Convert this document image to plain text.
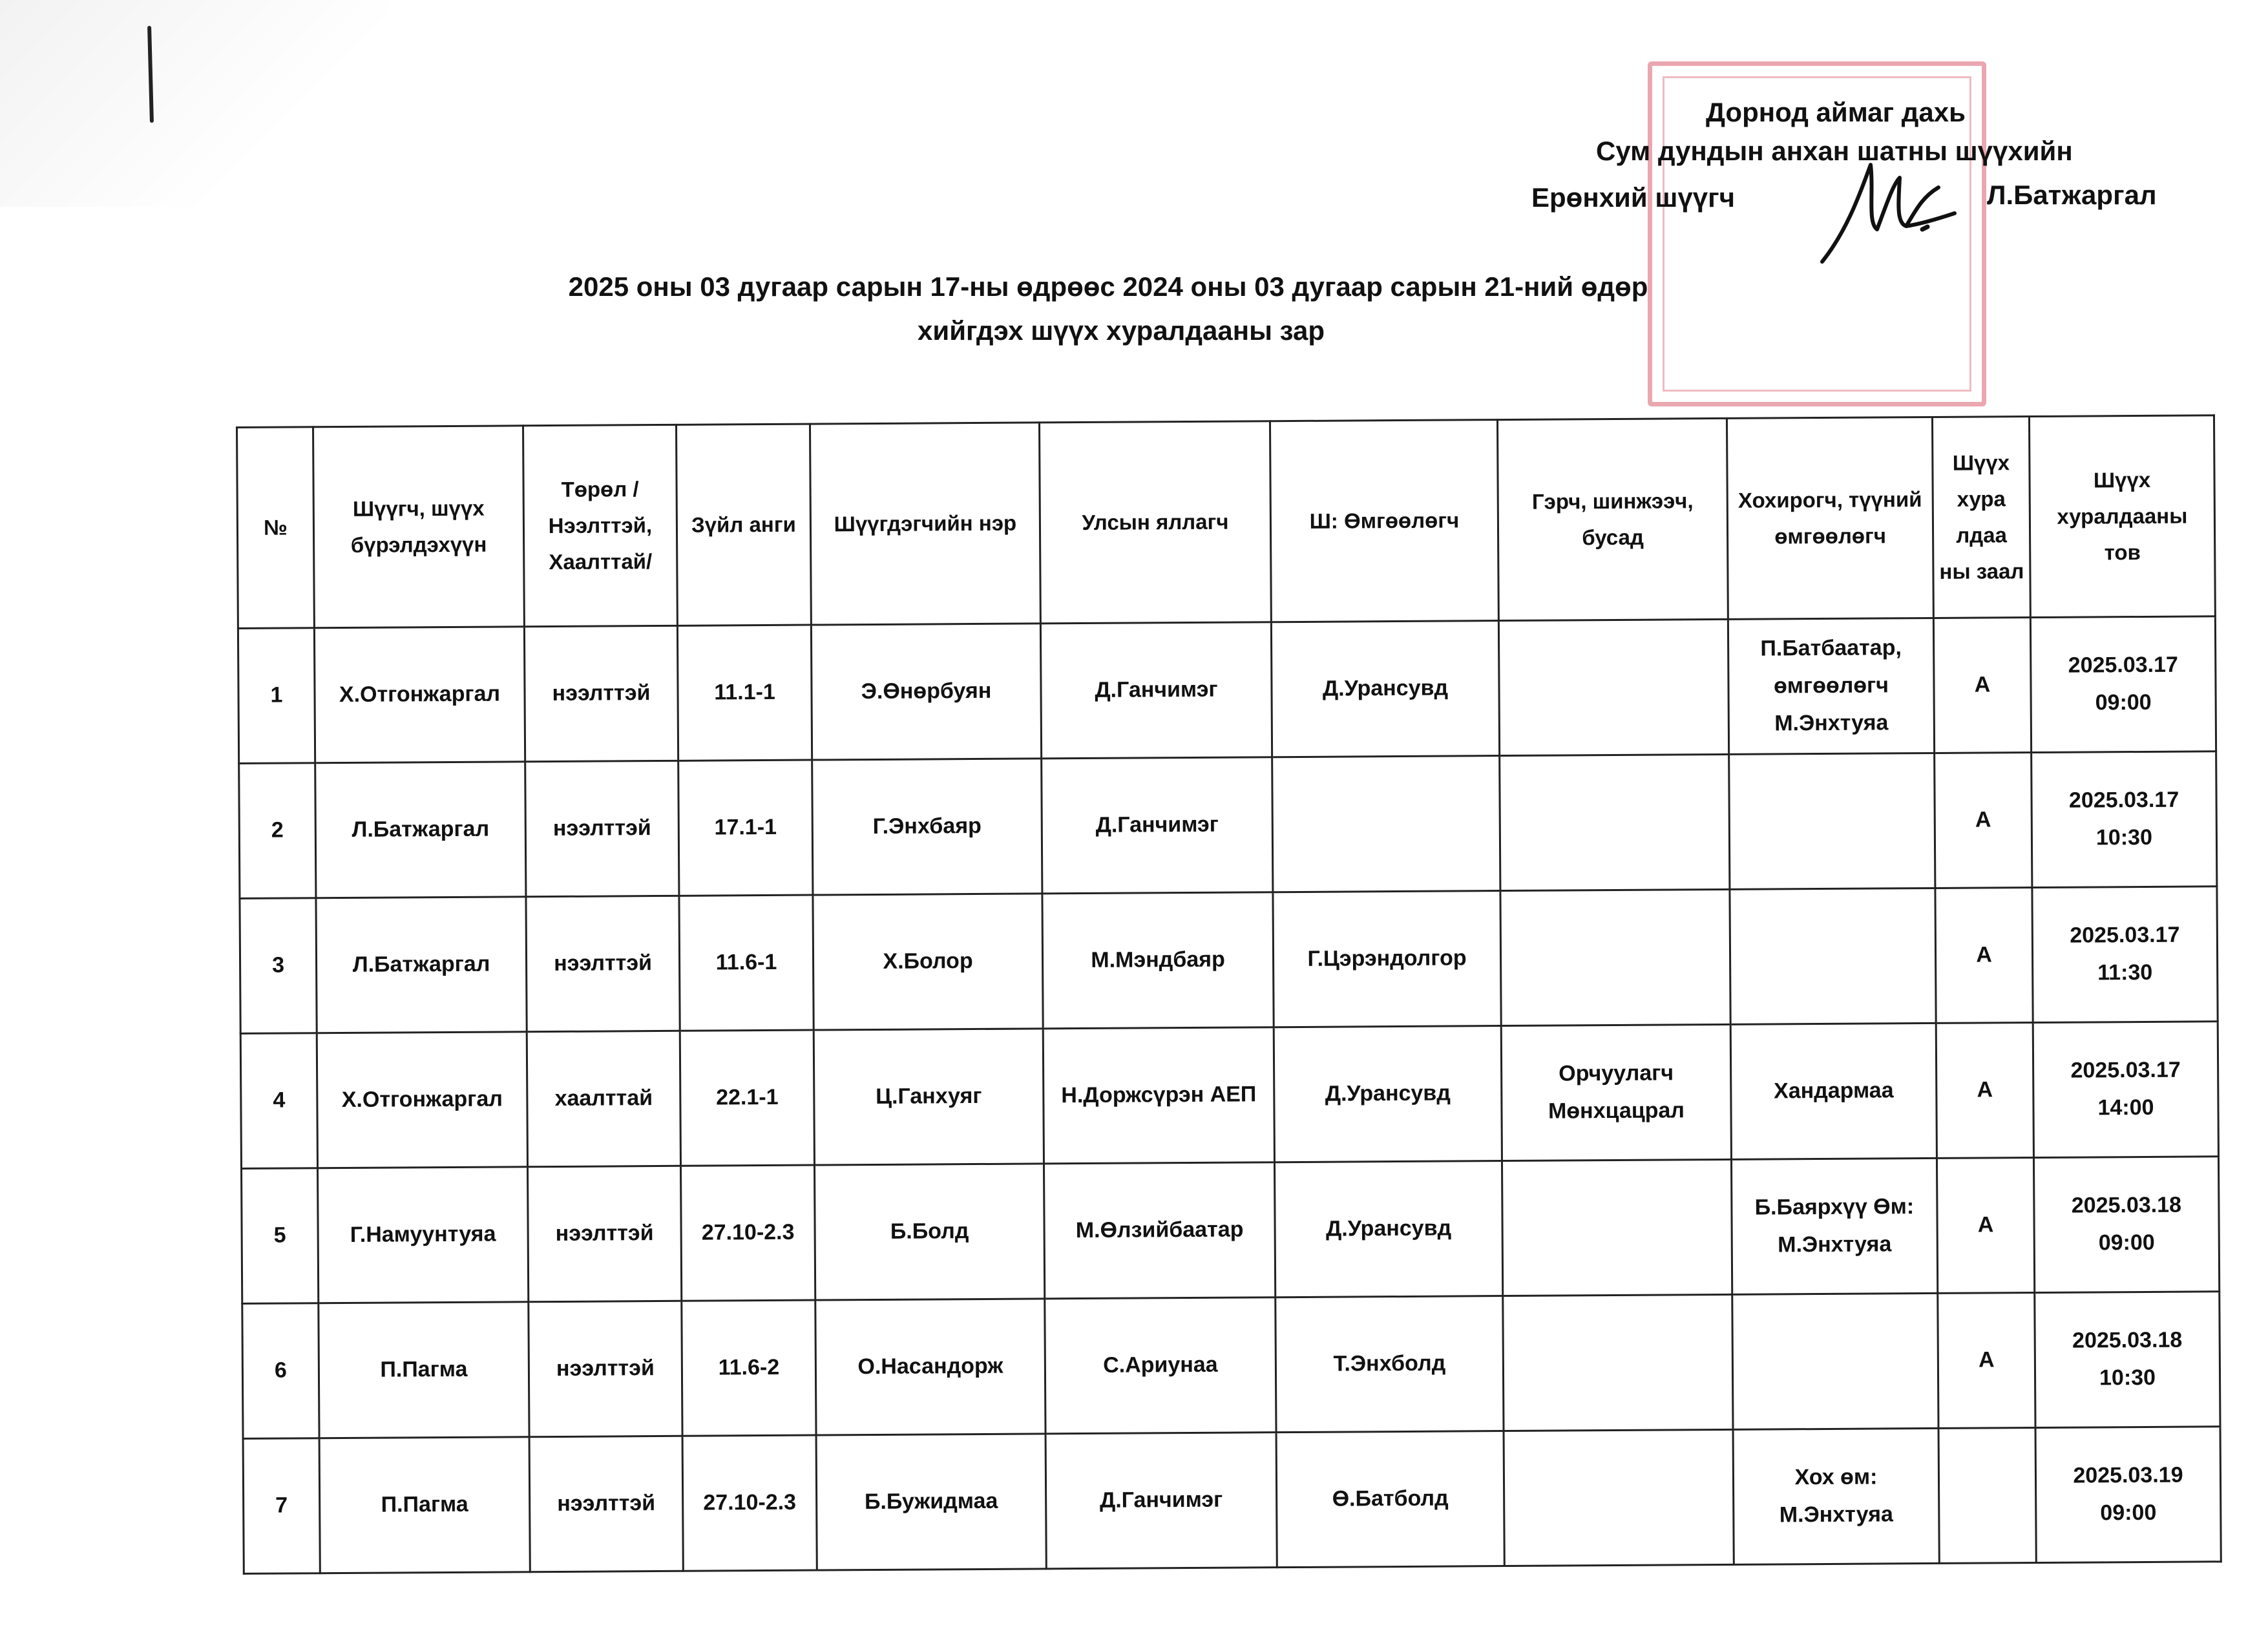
Дорнод аймаг дахь
Сум дундын анхан шатны шүүхийн
Ерөнхий шүүгч	Л.Батжаргал
2025 оны 03 дугаар сарын 17-ны өдрөөс 2024 оны 03 дугаар сарын 21-ний өдөр
хийгдэх шүүх хуралдааны зар
№	Шүүгч, шүүх бүрэлдэхүүн	Төрөл /Нээлттэй, Хаалттай/	Зүйл анги	Шүүгдэгчийн нэр	Улсын яллагч	Ш: Өмгөөлөгч	Гэрч, шинжээч, бусад	Хохирогч, түүний өмгөөлөгч	Шүүх хура лдаа ны заал	Шүүх хуралдааны тов
1	Х.Отгонжаргал	нээлттэй	11.1-1	Э.Өнөрбуян	Д.Ганчимэг	Д.Урансувд		П.Батбаатар, өмгөөлөгч М.Энхтуяа	А	2025.03.17
09:00

2	Л.Батжаргал	нээлттэй	17.1-1	Г.Энхбаяр	Д.Ганчимэг				А	2025.03.17
10:30

3	Л.Батжаргал	нээлттэй	11.6-1	Х.Болор	М.Мэндбаяр	Г.Цэрэндолгор			А	2025.03.17
11:30

4	Х.Отгонжаргал	хаалттай	22.1-1	Ц.Ганхуяг	Н.Доржсүрэн АЕП	Д.Урансувд	Орчуулагч Мөнхцацрал	Хандармаа	А	2025.03.17
14:00

5	Г.Намуунтуяа	нээлттэй	27.10-2.3	Б.Болд	М.Өлзийбаатар	Д.Урансувд		Б.Баярхүү Өм: М.Энхтуяа	А	2025.03.18
09:00

6	П.Пагма	нээлттэй	11.6-2	О.Насандорж	С.Ариунаа	Т.Энхболд			А	2025.03.18
10:30

7	П.Пагма	нээлттэй	27.10-2.3	Б.Бужидмаа	Д.Ганчимэг	Ө.Батболд		Хох өм: М.Энхтуяа		2025.03.19
09:00
